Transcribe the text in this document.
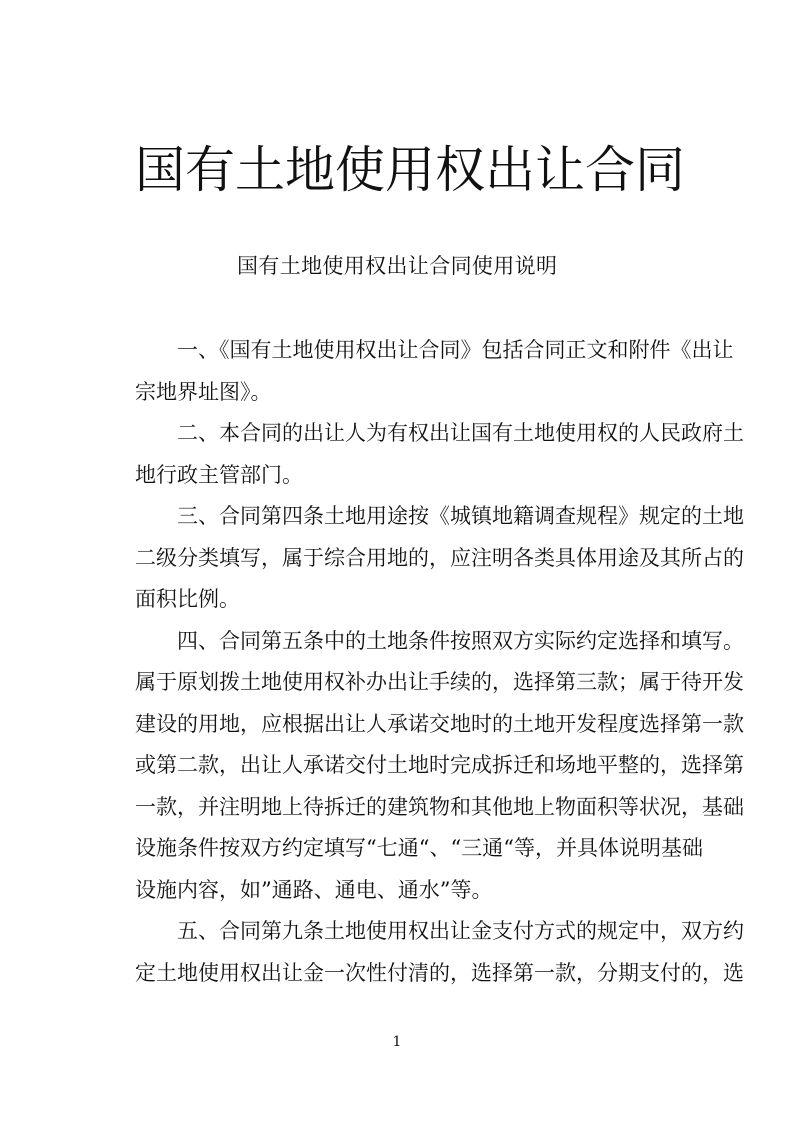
国有土地使用权出让合同
国有土地使用权出让合同使用说明
一、《国有土地使用权出让合同》包括合同正文和附件《出让
宗地界址图》。
二、本合同的出让人为有权出让国有土地使用权的人民政府土
地行政主管部门。
三、合同第四条土地用途按《城镇地籍调查规程》规定的土地
二级分类填写，属于综合用地的，应注明各类具体用途及其所占的
面积比例。
四、合同第五条中的土地条件按照双方实际约定选择和填写。
属于原划拨土地使用权补办出让手续的，选择第三款；属于待开发
建设的用地，应根据出让人承诺交地时的土地开发程度选择第一款
或第二款，出让人承诺交付土地时完成拆迁和场地平整的，选择第
一款，并注明地上待拆迁的建筑物和其他地上物面积等状况，基础
设施条件按双方约定填写“七通“、“三通“等，并具体说明基础
设施内容，如”通路、通电、通水”等。
五、合同第九条土地使用权出让金支付方式的规定中，双方约
定土地使用权出让金一次性付清的，选择第一款，分期支付的，选
1
